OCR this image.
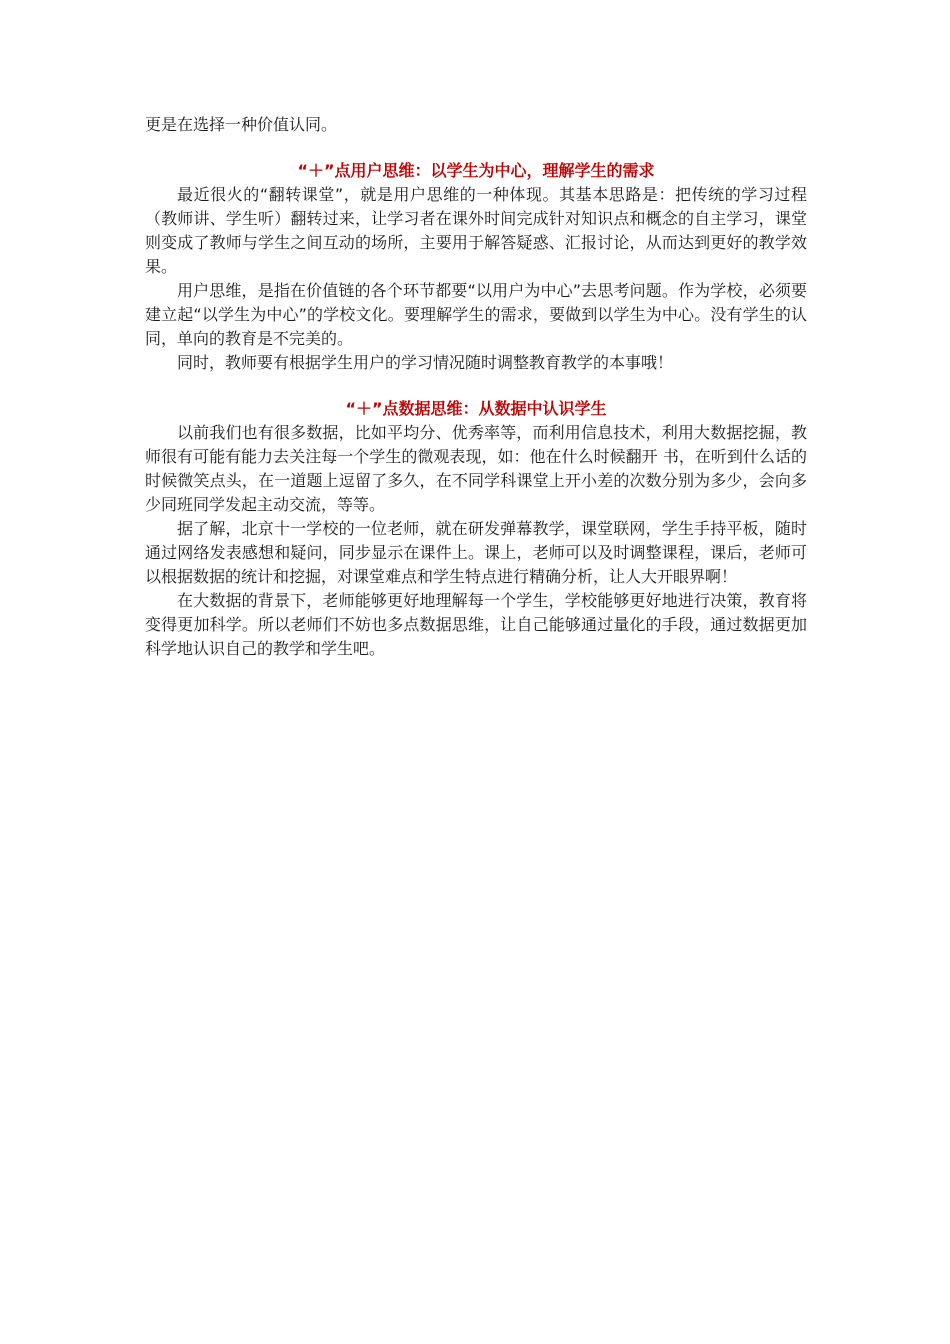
更是在选择一种价值认同。

“＋”点用户思维：以学生为中心，理解学生的需求

最近很火的“翻转课堂”，就是用户思维的一种体现。其基本思路是：把传统的学习过程（教师讲、学生听）翻转过来，让学习者在课外时间完成针对知识点和概念的自主学习，课堂则变成了教师与学生之间互动的场所，主要用于解答疑惑、汇报讨论，从而达到更好的教学效果。

用户思维，是指在价值链的各个环节都要“以用户为中心”去思考问题。作为学校，必须要建立起“以学生为中心”的学校文化。要理解学生的需求，要做到以学生为中心。没有学生的认同，单向的教育是不完美的。

同时，教师要有根据学生用户的学习情况随时调整教育教学的本事哦！

“＋”点数据思维：从数据中认识学生

以前我们也有很多数据，比如平均分、优秀率等，而利用信息技术，利用大数据挖掘，教师很有可能有能力去关注每一个学生的微观表现，如：他在什么时候翻开 书，在听到什么话的时候微笑点头，在一道题上逗留了多久，在不同学科课堂上开小差的次数分别为多少，会向多少同班同学发起主动交流，等等。

据了解，北京十一学校的一位老师，就在研发弹幕教学，课堂联网，学生手持平板，随时通过网络发表感想和疑问，同步显示在课件上。课上，老师可以及时调整课程，课后，老师可以根据数据的统计和挖掘，对课堂难点和学生特点进行精确分析，让人大开眼界啊！

在大数据的背景下，老师能够更好地理解每一个学生，学校能够更好地进行决策，教育将变得更加科学。所以老师们不妨也多点数据思维，让自己能够通过量化的手段，通过数据更加科学地认识自己的教学和学生吧。
